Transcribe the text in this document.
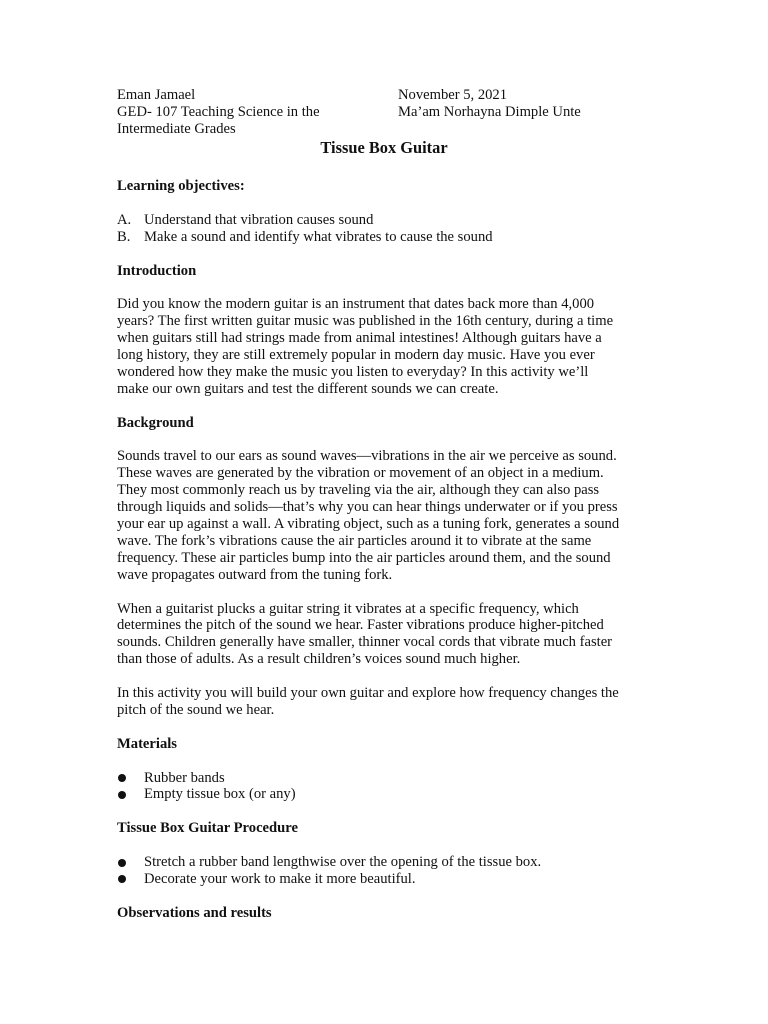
Eman Jamael
GED- 107 Teaching Science in the
Intermediate Grades
November 5, 2021
Ma’am Norhayna Dimple Unte
Tissue Box Guitar
Learning objectives:
A. Understand that vibration causes sound
B. Make a sound and identify what vibrates to cause the sound
Introduction

Did you know the modern guitar is an instrument that dates back more than 4,000
years? The first written guitar music was published in the 16th century, during a time
when guitars still had strings made from animal intestines! Although guitars have a
long history, they are still extremely popular in modern day music. Have you ever
wondered how they make the music you listen to everyday? In this activity we’ll
make our own guitars and test the different sounds we can create.

Background

Sounds travel to our ears as sound waves—vibrations in the air we perceive as sound.
These waves are generated by the vibration or movement of an object in a medium.
They most commonly reach us by traveling via the air, although they can also pass
through liquids and solids—that’s why you can hear things underwater or if you press
your ear up against a wall. A vibrating object, such as a tuning fork, generates a sound
wave. The fork’s vibrations cause the air particles around it to vibrate at the same
frequency. These air particles bump into the air particles around them, and the sound
wave propagates outward from the tuning fork.

When a guitarist plucks a guitar string it vibrates at a specific frequency, which
determines the pitch of the sound we hear. Faster vibrations produce higher-pitched
sounds. Children generally have smaller, thinner vocal cords that vibrate much faster
than those of adults. As a result children’s voices sound much higher.

In this activity you will build your own guitar and explore how frequency changes the
pitch of the sound we hear.

Materials
Rubber bands
Empty tissue box (or any)
Tissue Box Guitar Procedure
Stretch a rubber band lengthwise over the opening of the tissue box.
Decorate your work to make it more beautiful.
Observations and results
